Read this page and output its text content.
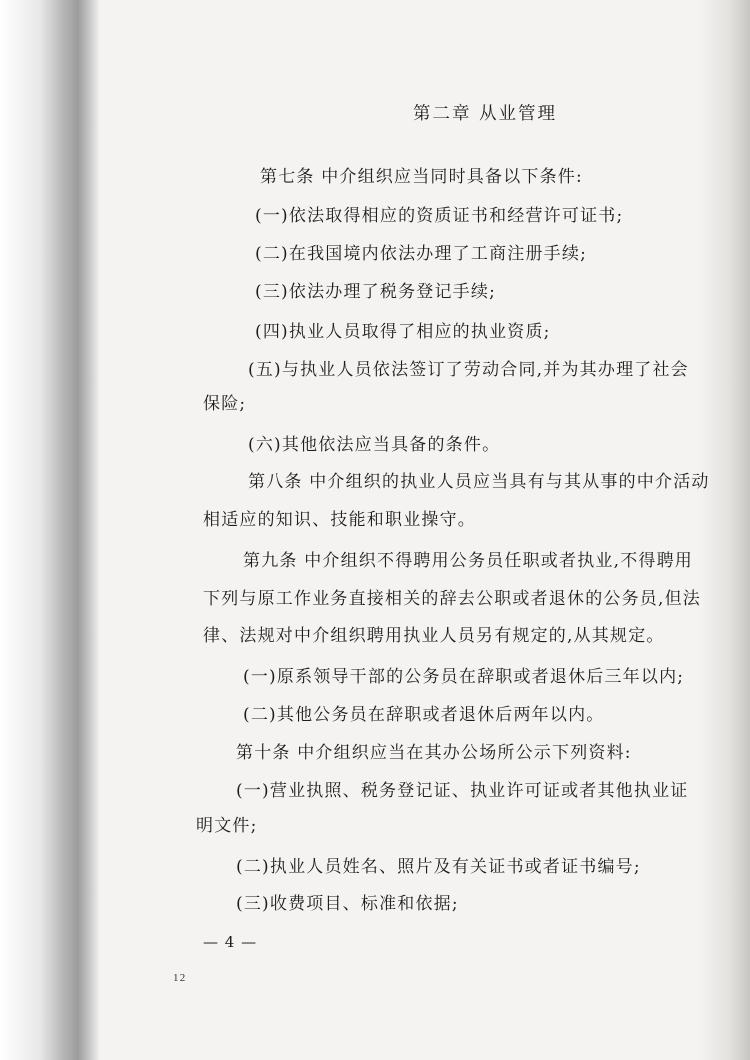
第二章 从业管理
第七条 中介组织应当同时具备以下条件:
(一)依法取得相应的资质证书和经营许可证书;
(二)在我国境内依法办理了工商注册手续;
(三)依法办理了税务登记手续;
(四)执业人员取得了相应的执业资质;
(五)与执业人员依法签订了劳动合同,并为其办理了社会
保险;
(六)其他依法应当具备的条件。
第八条 中介组织的执业人员应当具有与其从事的中介活动
相适应的知识、技能和职业操守。
第九条 中介组织不得聘用公务员任职或者执业,不得聘用
下列与原工作业务直接相关的辞去公职或者退休的公务员,但法
律、法规对中介组织聘用执业人员另有规定的,从其规定。
(一)原系领导干部的公务员在辞职或者退休后三年以内;
(二)其他公务员在辞职或者退休后两年以内。
第十条 中介组织应当在其办公场所公示下列资料:
(一)营业执照、税务登记证、执业许可证或者其他执业证
明文件;
(二)执业人员姓名、照片及有关证书或者证书编号;
(三)收费项目、标准和依据;
— 4 —
12
